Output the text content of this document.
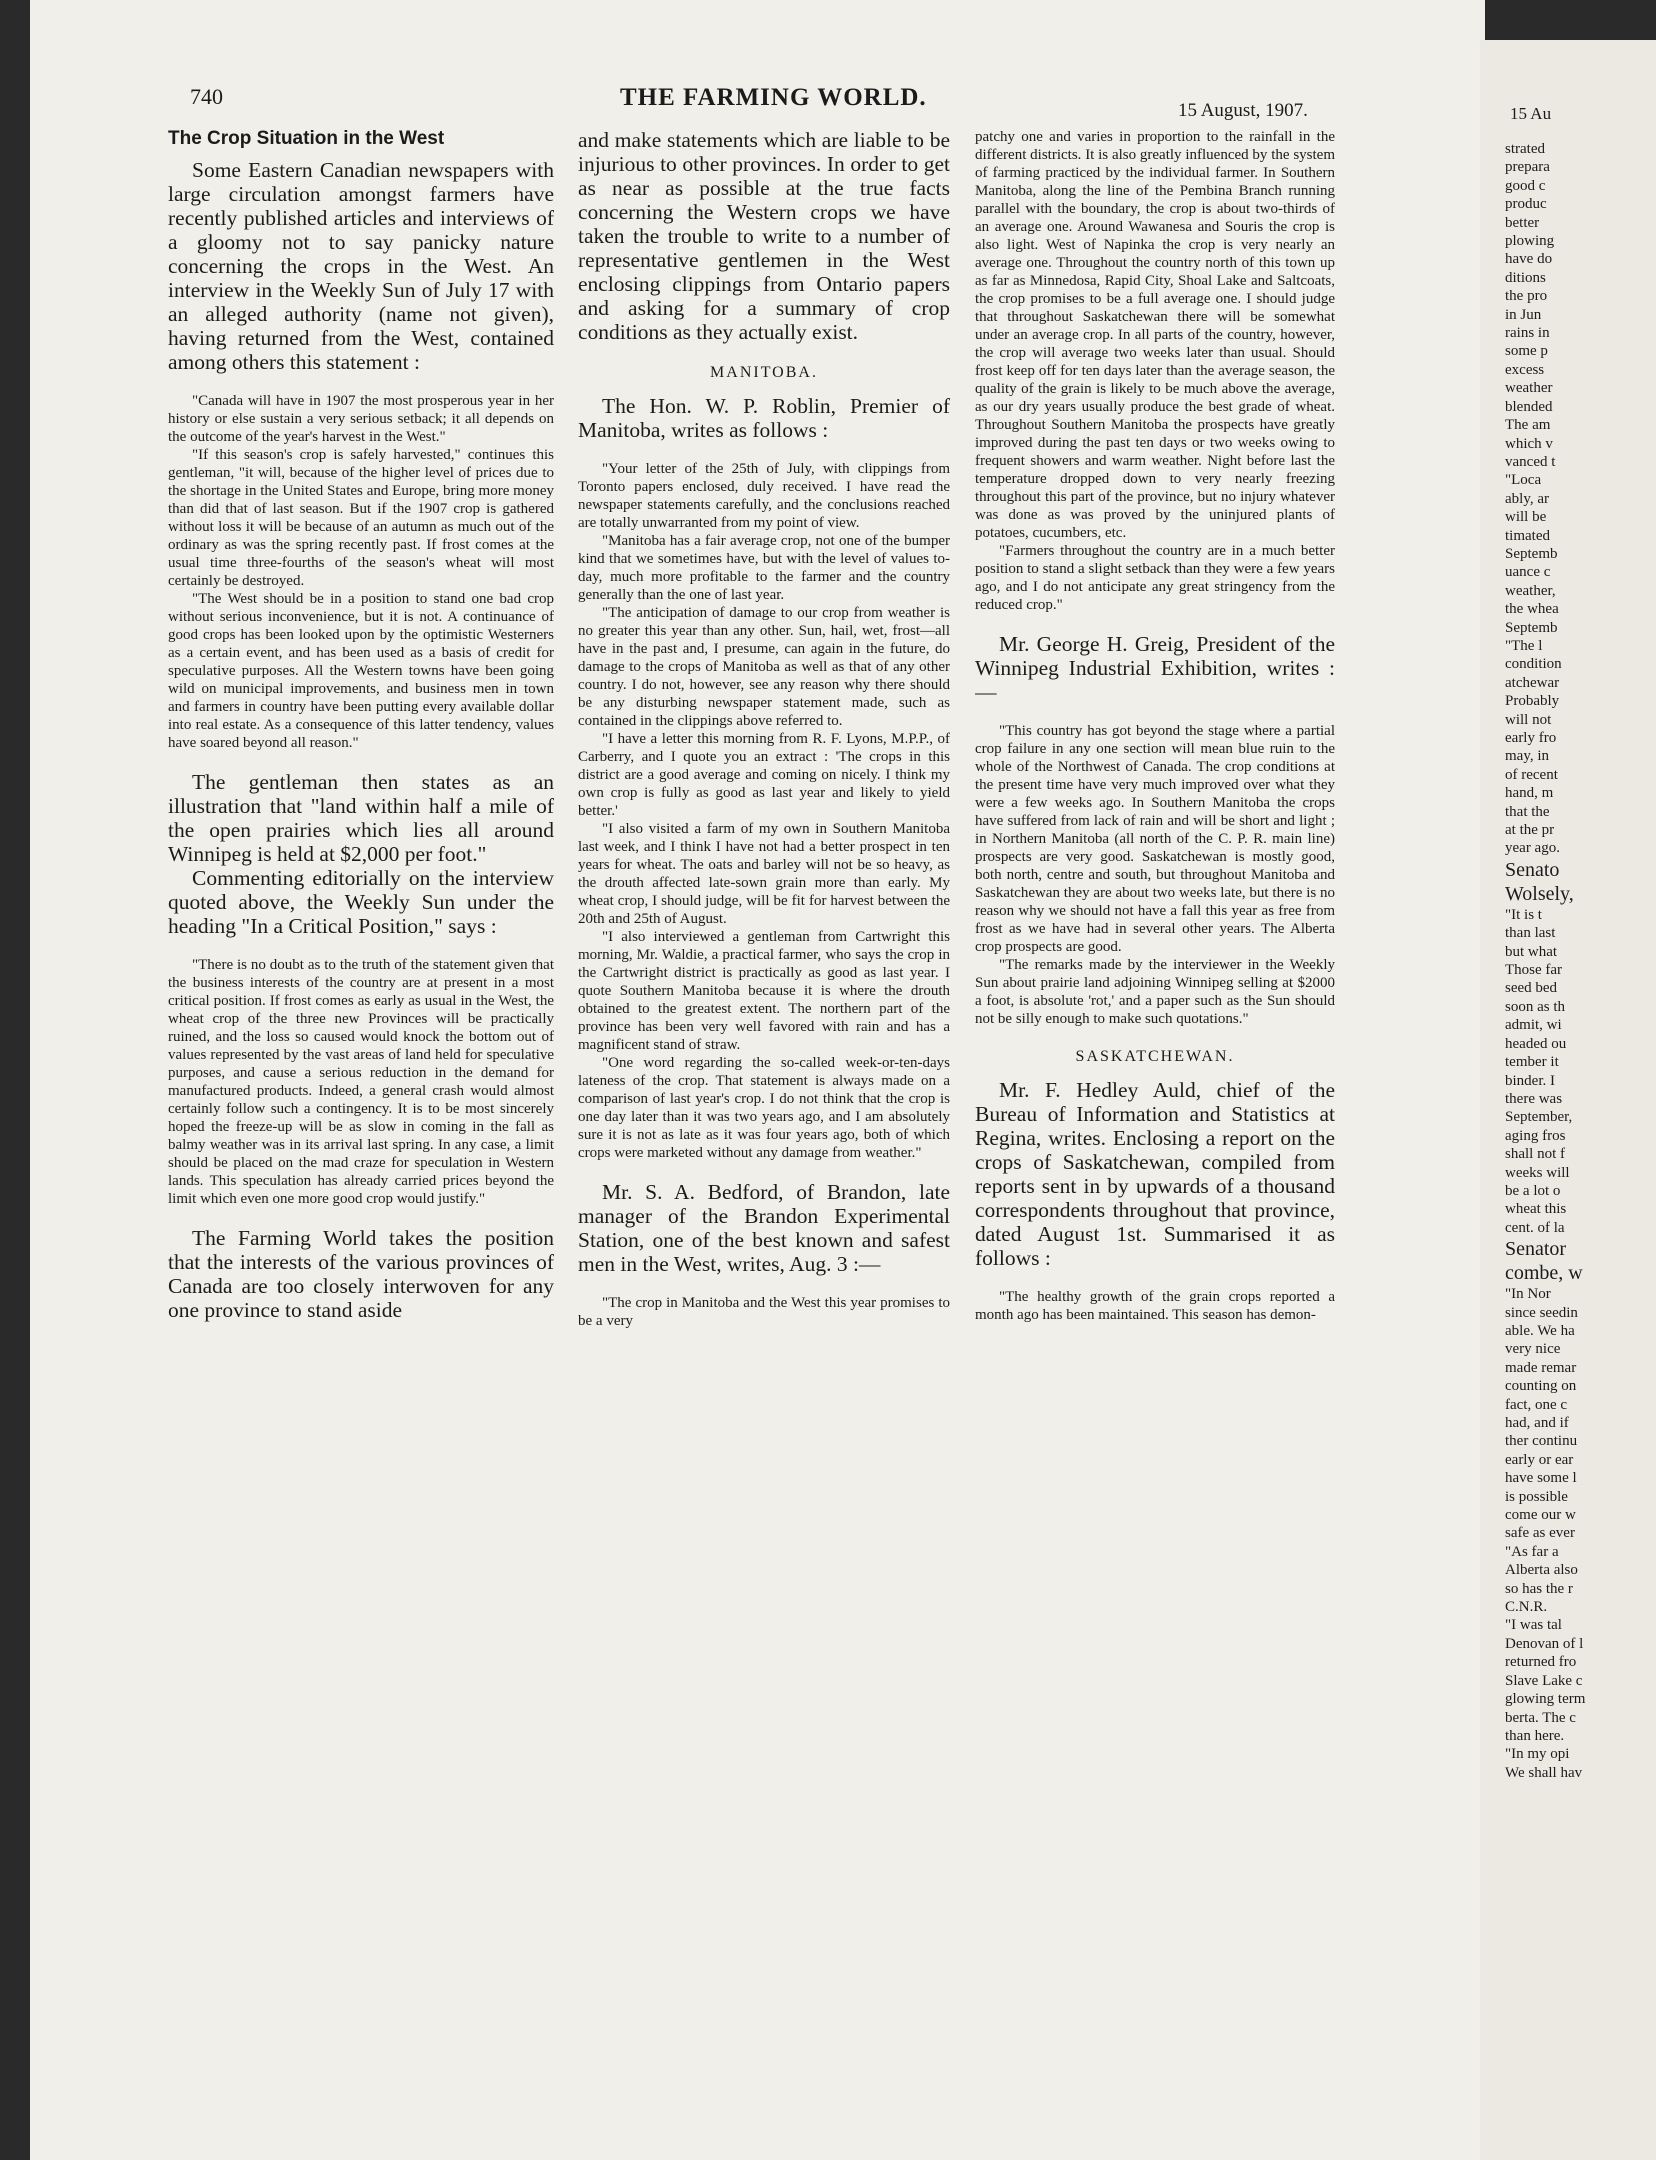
740	THE FARMING WORLD.	15 August, 1907.

The Crop Situation in the West

Some Eastern Canadian newspapers with large circulation amongst farmers have recently published articles and interviews of a gloomy not to say panicky nature concerning the crops in the West. An interview in the Weekly Sun of July 17 with an alleged authority (name not given), having returned from the West, contained among others this statement :

"Canada will have in 1907 the most prosperous year in her history or else sustain a very serious setback; it all depends on the outcome of the year's harvest in the West."

"If this season's crop is safely harvested," continues this gentleman, "it will, because of the higher level of prices due to the shortage in the United States and Europe, bring more money than did that of last season. But if the 1907 crop is gathered without loss it will be because of an autumn as much out of the ordinary as was the spring recently past. If frost comes at the usual time three-fourths of the season's wheat will most certainly be destroyed.

"The West should be in a position to stand one bad crop without serious inconvenience, but it is not. A continuance of good crops has been looked upon by the optimistic Westerners as a certain event, and has been used as a basis of credit for speculative purposes. All the Western towns have been going wild on municipal improvements, and business men in town and farmers in country have been putting every available dollar into real estate. As a consequence of this latter tendency, values have soared beyond all reason."

The gentleman then states as an illustration that "land within half a mile of the open prairies which lies all around Winnipeg is held at $2,000 per foot."

Commenting editorially on the interview quoted above, the Weekly Sun under the heading "In a Critical Position," says :

"There is no doubt as to the truth of the statement given that the business interests of the country are at present in a most critical position. If frost comes as early as usual in the West, the wheat crop of the three new Provinces will be practically ruined, and the loss so caused would knock the bottom out of values represented by the vast areas of land held for speculative purposes, and cause a serious reduction in the demand for manufactured products. Indeed, a general crash would almost certainly follow such a contingency. It is to be most sincerely hoped the freeze-up will be as slow in coming in the fall as balmy weather was in its arrival last spring. In any case, a limit should be placed on the mad craze for speculation in Western lands. This speculation has already carried prices beyond the limit which even one more good crop would justify."

The Farming World takes the position that the interests of the various provinces of Canada are too closely interwoven for any one province to stand aside

and make statements which are liable to be injurious to other provinces. In order to get as near as possible at the true facts concerning the Western crops we have taken the trouble to write to a number of representative gentlemen in the West enclosing clippings from Ontario papers and asking for a summary of crop conditions as they actually exist.

MANITOBA.

The Hon. W. P. Roblin, Premier of Manitoba, writes as follows :

"Your letter of the 25th of July, with clippings from Toronto papers enclosed, duly received. I have read the newspaper statements carefully, and the conclusions reached are totally unwarranted from my point of view.

"Manitoba has a fair average crop, not one of the bumper kind that we sometimes have, but with the level of values to-day, much more profitable to the farmer and the country generally than the one of last year.

"The anticipation of damage to our crop from weather is no greater this year than any other. Sun, hail, wet, frost—all have in the past and, I presume, can again in the future, do damage to the crops of Manitoba as well as that of any other country. I do not, however, see any reason why there should be any disturbing newspaper statement made, such as contained in the clippings above referred to.

"I have a letter this morning from R. F. Lyons, M.P.P., of Carberry, and I quote you an extract : 'The crops in this district are a good average and coming on nicely. I think my own crop is fully as good as last year and likely to yield better.'

"I also visited a farm of my own in Southern Manitoba last week, and I think I have not had a better prospect in ten years for wheat. The oats and barley will not be so heavy, as the drouth affected late-sown grain more than early. My wheat crop, I should judge, will be fit for harvest between the 20th and 25th of August.

"I also interviewed a gentleman from Cartwright this morning, Mr. Waldie, a practical farmer, who says the crop in the Cartwright district is practically as good as last year. I quote Southern Manitoba because it is where the drouth obtained to the greatest extent. The northern part of the province has been very well favored with rain and has a magnificent stand of straw.

"One word regarding the so-called week-or-ten-days lateness of the crop. That statement is always made on a comparison of last year's crop. I do not think that the crop is one day later than it was two years ago, and I am absolutely sure it is not as late as it was four years ago, both of which crops were marketed without any damage from weather."

Mr. S. A. Bedford, of Brandon, late manager of the Brandon Experimental Station, one of the best known and safest men in the West, writes, Aug. 3 :—

"The crop in Manitoba and the West this year promises to be a very

patchy one and varies in proportion to the rainfall in the different districts. It is also greatly influenced by the system of farming practiced by the individual farmer. In Southern Manitoba, along the line of the Pembina Branch running parallel with the boundary, the crop is about two-thirds of an average one. Around Wawanesa and Souris the crop is also light. West of Napinka the crop is very nearly an average one. Throughout the country north of this town up as far as Minnedosa, Rapid City, Shoal Lake and Saltcoats, the crop promises to be a full average one. I should judge that throughout Saskatchewan there will be somewhat under an average crop. In all parts of the country, however, the crop will average two weeks later than usual. Should frost keep off for ten days later than the average season, the quality of the grain is likely to be much above the average, as our dry years usually produce the best grade of wheat. Throughout Southern Manitoba the prospects have greatly improved during the past ten days or two weeks owing to frequent showers and warm weather. Night before last the temperature dropped down to very nearly freezing throughout this part of the province, but no injury whatever was done as was proved by the uninjured plants of potatoes, cucumbers, etc.

"Farmers throughout the country are in a much better position to stand a slight setback than they were a few years ago, and I do not anticipate any great stringency from the reduced crop."

Mr. George H. Greig, President of the Winnipeg Industrial Exhibition, writes :—

"This country has got beyond the stage where a partial crop failure in any one section will mean blue ruin to the whole of the Northwest of Canada. The crop conditions at the present time have very much improved over what they were a few weeks ago. In Southern Manitoba the crops have suffered from lack of rain and will be short and light ; in Northern Manitoba (all north of the C. P. R. main line) prospects are very good. Saskatchewan is mostly good, both north, centre and south, but throughout Manitoba and Saskatchewan they are about two weeks late, but there is no reason why we should not have a fall this year as free from frost as we have had in several other years. The Alberta crop prospects are good.

"The remarks made by the interviewer in the Weekly Sun about prairie land adjoining Winnipeg selling at $2000 a foot, is absolute 'rot,' and a paper such as the Sun should not be silly enough to make such quotations."

SASKATCHEWAN.

Mr. F. Hedley Auld, chief of the Bureau of Information and Statistics at Regina, writes. Enclosing a report on the crops of Saskatchewan, compiled from reports sent in by upwards of a thousand correspondents throughout that province, dated August 1st. Summarised it as follows :

"The healthy growth of the grain crops reported a month ago has been maintained. This season has demon-

15 Au
strated
prepara
good c
produc
better
plowing
have do
ditions
the pro
in Jun
rains in
some p
excess
weather
blended
The am
which v
vanced t
"Loca
ably, ar
will be
timated
Septemb
uance c
weather,
the whea
Septemb
"The l
condition
atchewar
Probably
will not
early fro
may, in
of recent
hand, m
that the
at the pr
year ago.
Senato
Wolsely,
"It is t
than last
but what
Those far
seed bed
soon as th
admit, wi
headed ou
tember it
binder. I
there was
September,
aging fros
shall not f
weeks will
be a lot o
wheat this
cent. of la
Senator
combe, w
"In Nor
since seedin
able. We ha
very nice
made remar
counting on
fact, one c
had, and if
ther continu
early or ear
have some l
is possible
come our w
safe as ever
"As far a
Alberta also
so has the r
C.N.R.
"I was tal
Denovan of l
returned fro
Slave Lake c
glowing term
berta. The c
than here.
"In my opi
We shall hav
